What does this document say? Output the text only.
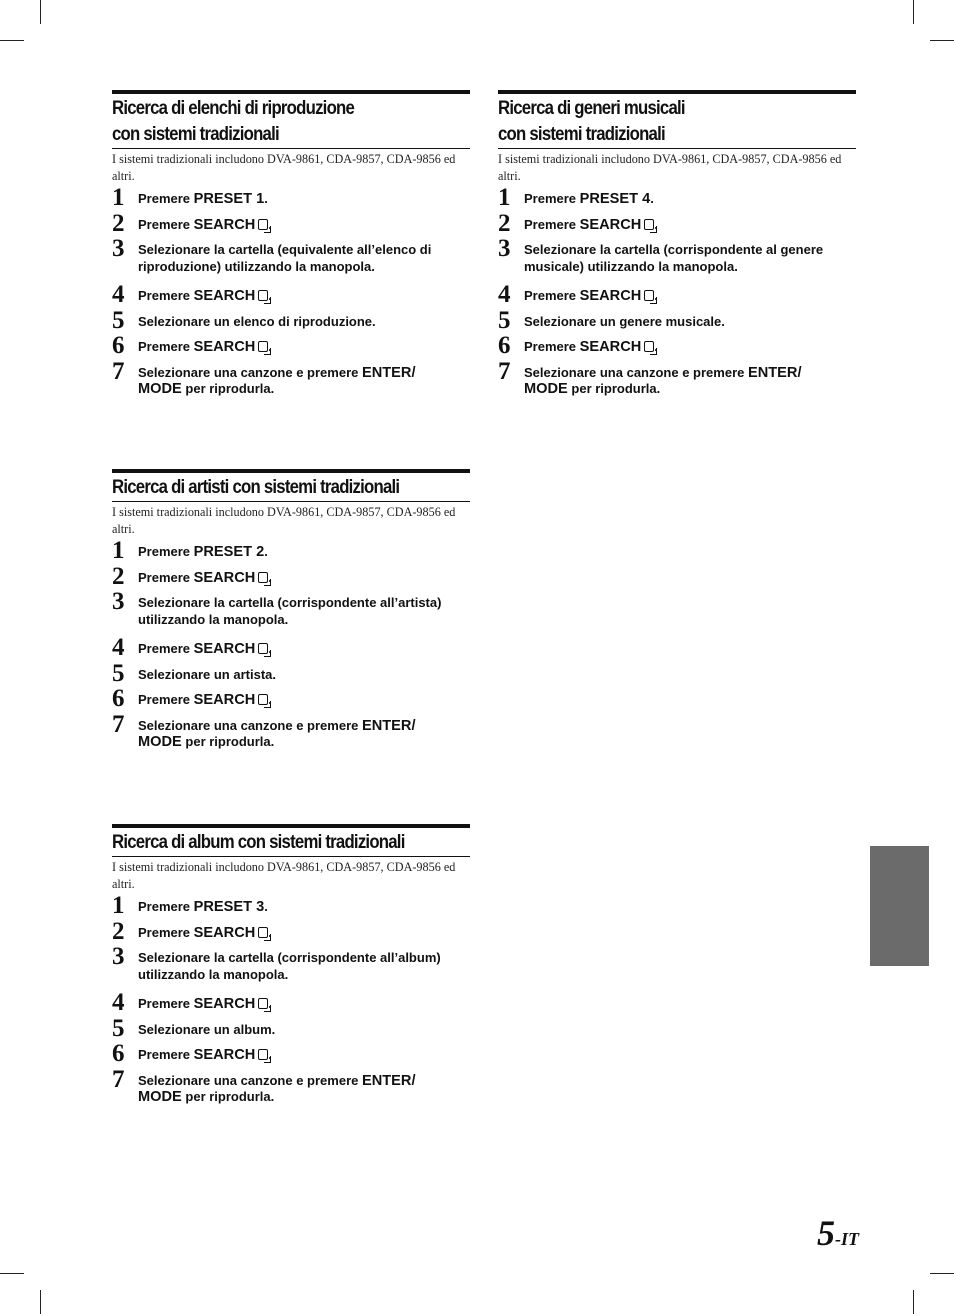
Ricerca di elenchi di riproduzione
con sistemi tradizionali
I sistemi tradizionali includono DVA-9861, CDA-9857, CDA-9856 ed altri.
1 Premere PRESET 1.
2 Premere SEARCH .
3 Selezionare la cartella (equivalente all’elenco di riproduzione) utilizzando la manopola.
4 Premere SEARCH .
5 Selezionare un elenco di riproduzione.
6 Premere SEARCH .
7 Selezionare una canzone e premere ENTER/
MODE per riprodurla.
Ricerca di artisti con sistemi tradizionali
I sistemi tradizionali includono DVA-9861, CDA-9857, CDA-9856 ed altri.
1 Premere PRESET 2.
2 Premere SEARCH .
3 Selezionare la cartella (corrispondente all’artista) utilizzando la manopola.
4 Premere SEARCH .
5 Selezionare un artista.
6 Premere SEARCH .
7 Selezionare una canzone e premere ENTER/
MODE per riprodurla.
Ricerca di album con sistemi tradizionali
I sistemi tradizionali includono DVA-9861, CDA-9857, CDA-9856 ed altri.
1 Premere PRESET 3.
2 Premere SEARCH .
3 Selezionare la cartella (corrispondente all’album) utilizzando la manopola.
4 Premere SEARCH .
5 Selezionare un album.
6 Premere SEARCH .
7 Selezionare una canzone e premere ENTER/
MODE per riprodurla.
Ricerca di generi musicali
con sistemi tradizionali
I sistemi tradizionali includono DVA-9861, CDA-9857, CDA-9856 ed altri.
1 Premere PRESET 4.
2 Premere SEARCH .
3 Selezionare la cartella (corrispondente al genere musicale) utilizzando la manopola.
4 Premere SEARCH .
5 Selezionare un genere musicale.
6 Premere SEARCH .
7 Selezionare una canzone e premere ENTER/
MODE per riprodurla.
5-IT
